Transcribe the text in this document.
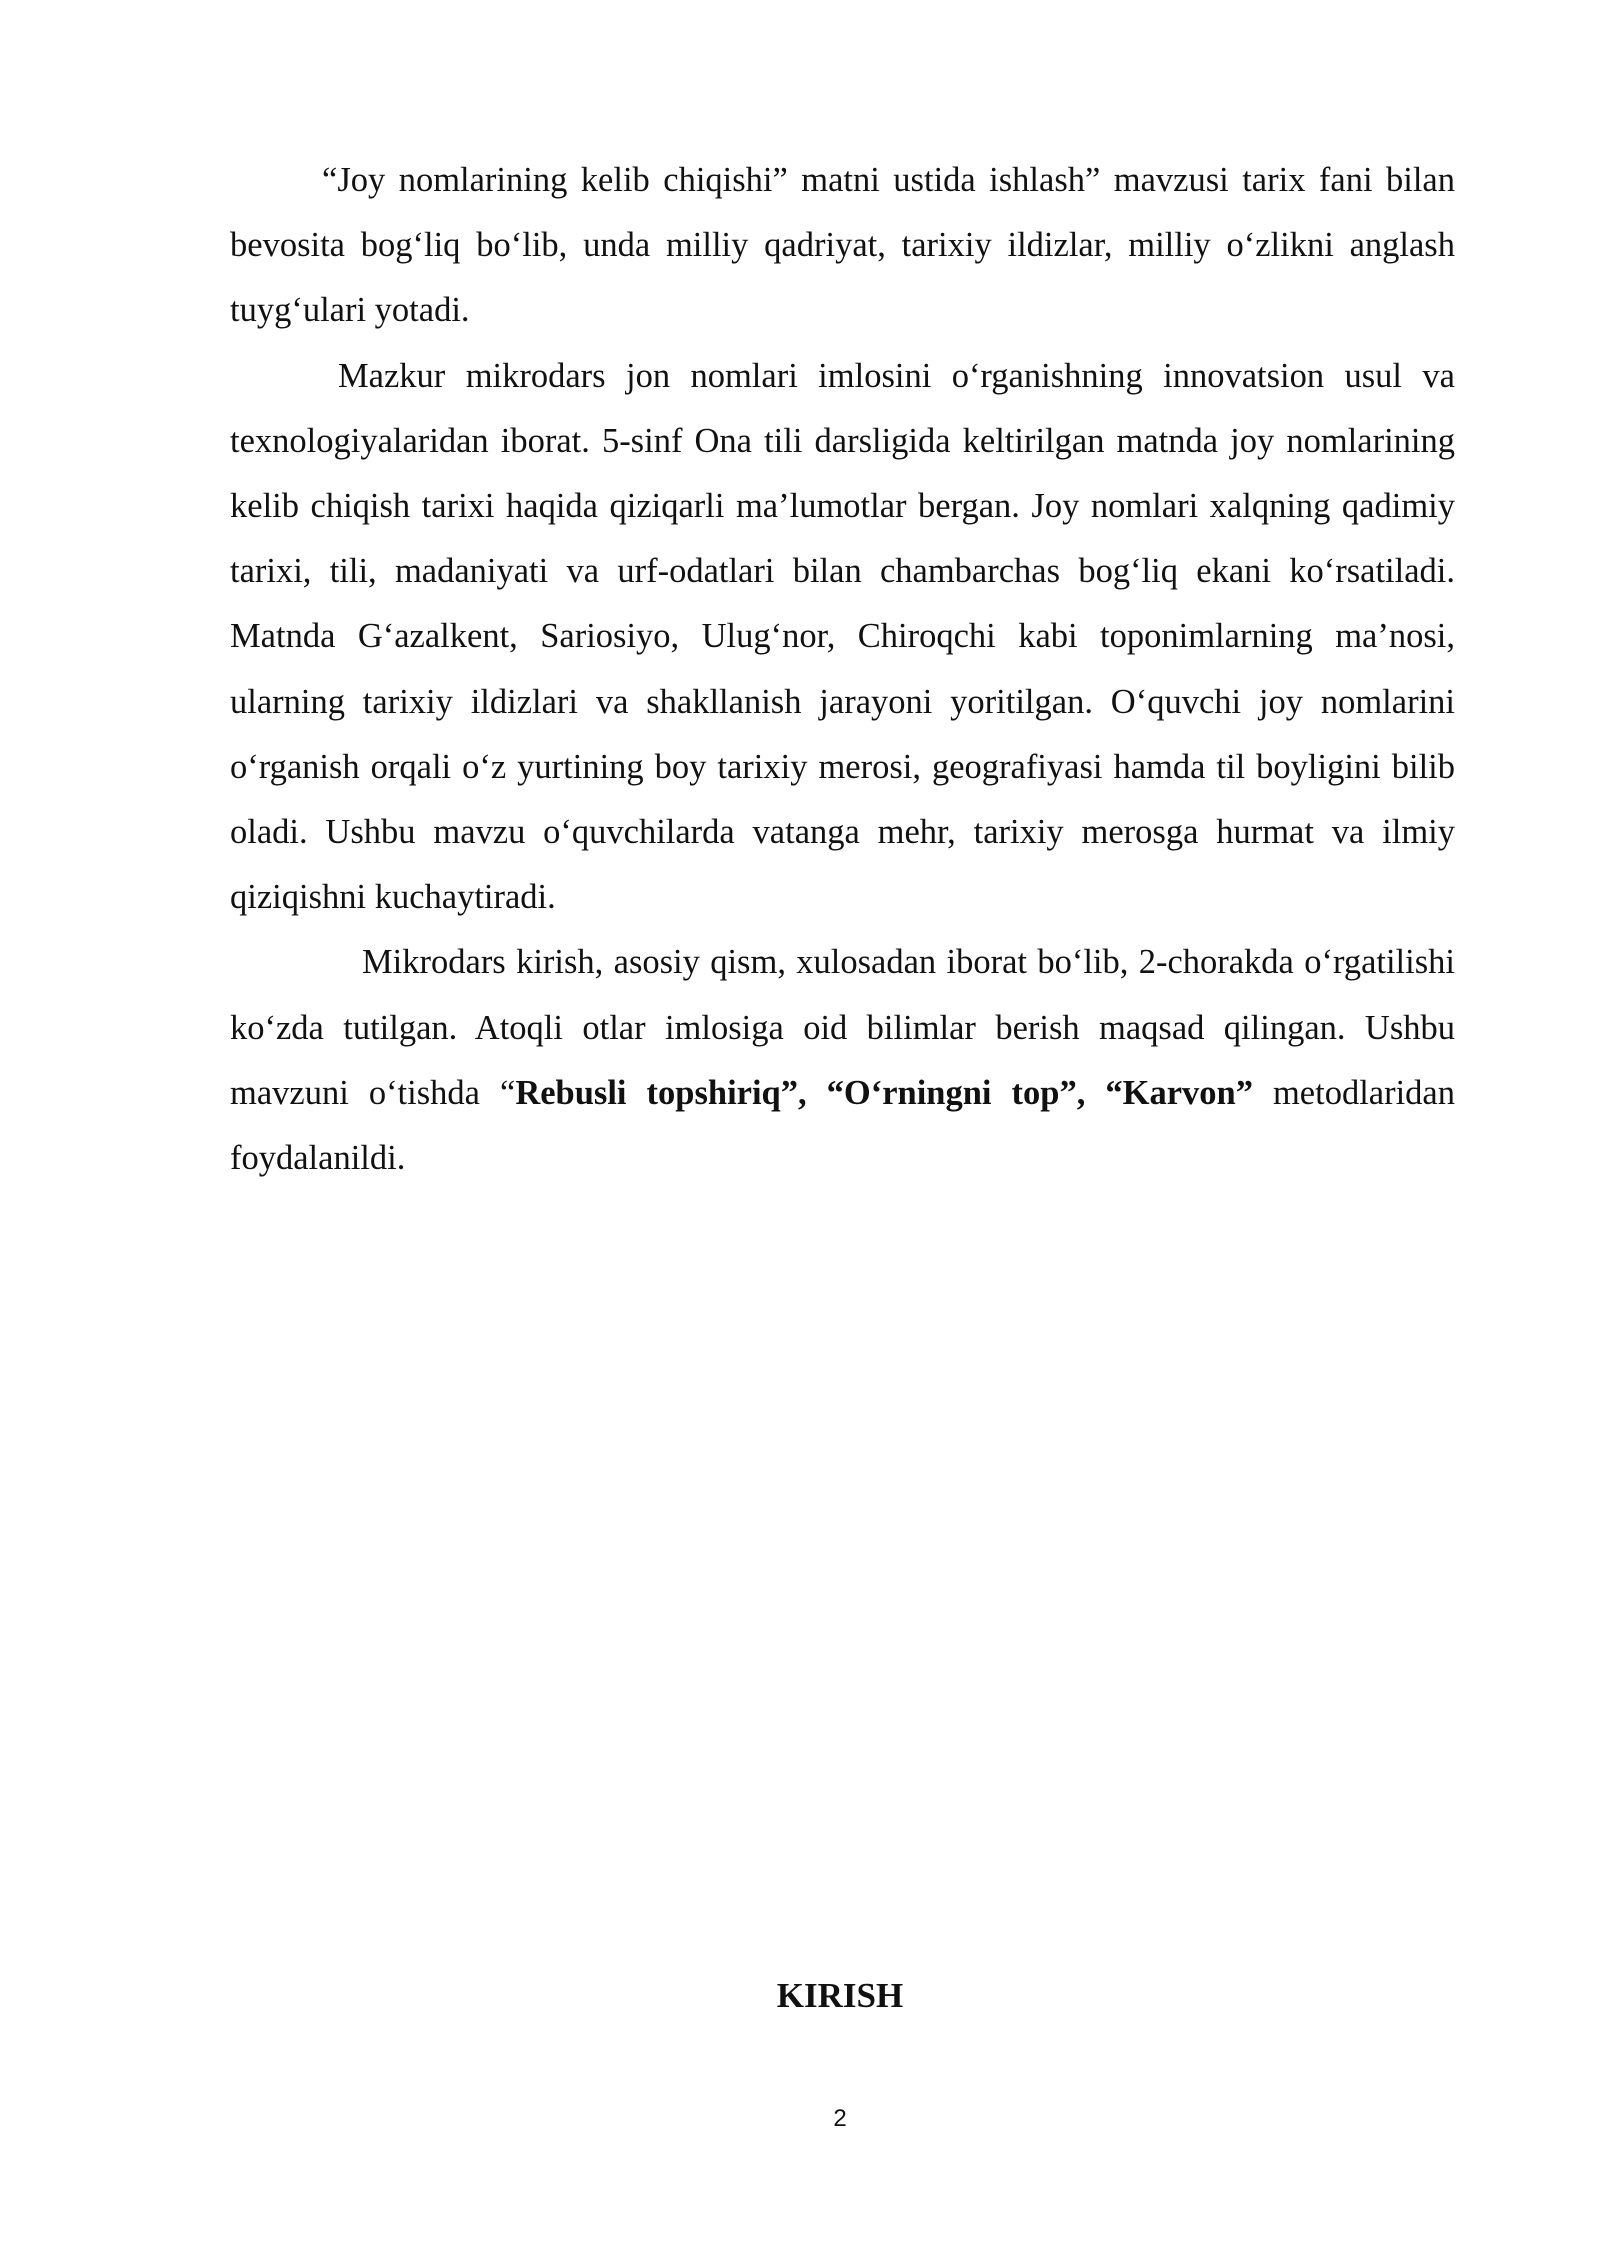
“Joy nomlarining kelib chiqishi” matni ustida ishlash” mavzusi tarix fani bilan bevosita bog‘liq bo‘lib, unda milliy qadriyat, tarixiy ildizlar, milliy o‘zlikni anglash tuyg‘ulari yotadi.

Mazkur mikrodars jon nomlari imlosini o‘rganishning innovatsion usul va texnologiyalaridan iborat. 5-sinf Ona tili darsligida keltirilgan matnda joy nomlarining kelib chiqish tarixi haqida qiziqarli ma’lumotlar bergan. Joy nomlari xalqning qadimiy tarixi, tili, madaniyati va urf-odatlari bilan chambarchas bog‘liq ekani ko‘rsatiladi. Matnda G‘azalkent, Sariosiyo, Ulug‘nor, Chiroqchi kabi toponimlarning ma’nosi, ularning tarixiy ildizlari va shakllanish jarayoni yoritilgan. O‘quvchi joy nomlarini o‘rganish orqali o‘z yurtining boy tarixiy merosi, geografiyasi hamda til boyligini bilib oladi. Ushbu mavzu o‘quvchilarda vatanga mehr, tarixiy merosga hurmat va ilmiy qiziqishni kuchaytiradi.

Mikrodars kirish, asosiy qism, xulosadan iborat bo‘lib, 2-chorakda o‘rgatilishi ko‘zda tutilgan. Atoqli otlar imlosiga oid bilimlar berish maqsad qilingan. Ushbu mavzuni o‘tishda “Rebusli topshiriq”, “O‘rningni top”, “Karvon” metodlaridan foydalanildi.

KIRISH
2
